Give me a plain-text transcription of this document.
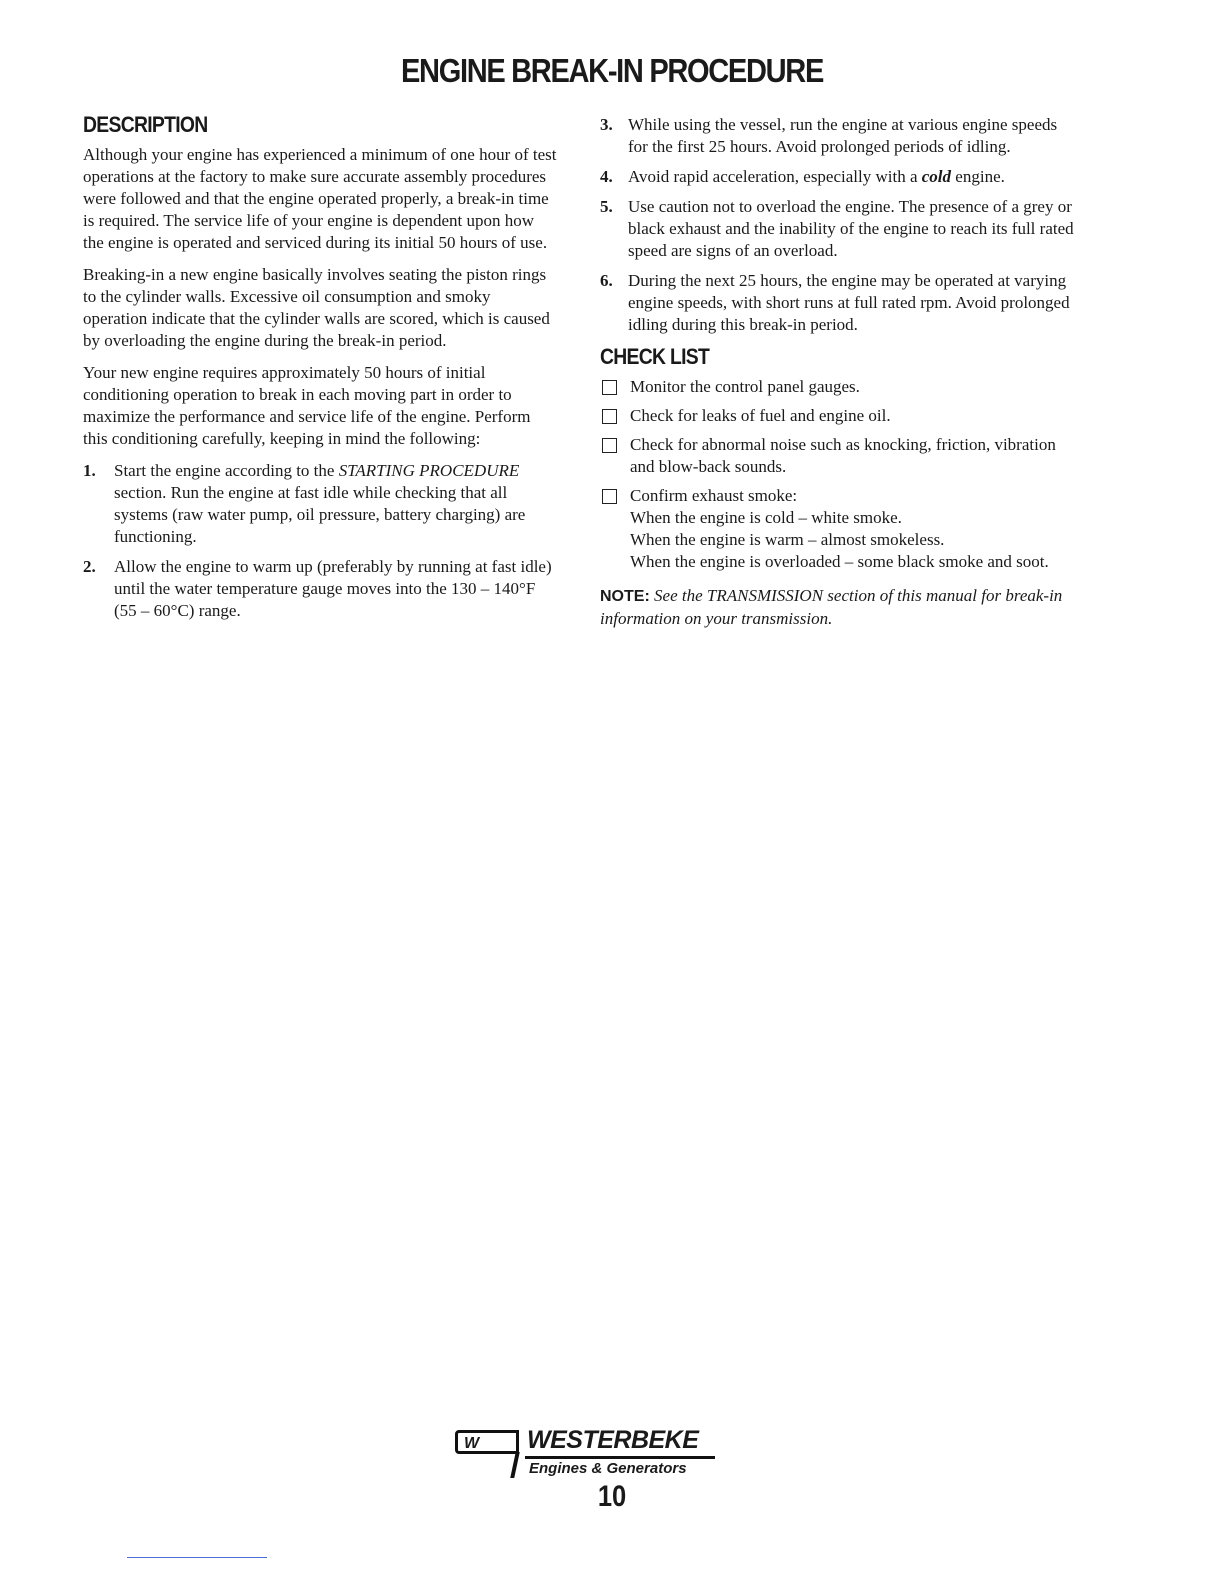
ENGINE BREAK-IN PROCEDURE
DESCRIPTION

Although your engine has experienced a minimum of one hour of test operations at the factory to make sure accurate assembly procedures were followed and that the engine operated properly, a break-in time is required. The service life of your engine is dependent upon how the engine is operated and serviced during its initial 50 hours of use.

Breaking-in a new engine basically involves seating the piston rings to the cylinder walls. Excessive oil consumption and smoky operation indicate that the cylinder walls are scored, which is caused by overloading the engine during the break-in period.

Your new engine requires approximately 50 hours of initial conditioning operation to break in each moving part in order to maximize the performance and service life of the engine. Perform this conditioning carefully, keeping in mind the following:

1.	Start the engine according to the STARTING PROCEDURE section. Run the engine at fast idle while checking that all systems (raw water pump, oil pressure, battery charging) are functioning.
2.	Allow the engine to warm up (preferably by running at fast idle) until the water temperature gauge moves into the 130 – 140°F (55 – 60°C) range.
3. While using the vessel, run the engine at various engine speeds for the first 25 hours. Avoid prolonged periods of idling.
4. Avoid rapid acceleration, especially with a cold engine.
5. Use caution not to overload the engine. The presence of a grey or black exhaust and the inability of the engine to reach its full rated speed are signs of an overload.
6. During the next 25 hours, the engine may be operated at varying engine speeds, with short runs at full rated rpm. Avoid prolonged idling during this break-in period.
CHECK LIST
Monitor the control panel gauges.
Check for leaks of fuel and engine oil.
Check for abnormal noise such as knocking, friction, vibration and blow-back sounds.
Confirm exhaust smoke:
When the engine is cold – white smoke.
When the engine is warm – almost smokeless.
When the engine is overloaded – some black smoke and soot.
NOTE: See the TRANSMISSION section of this manual for break-in information on your transmission.
W WESTERBEKE
Engines & Generators
10
